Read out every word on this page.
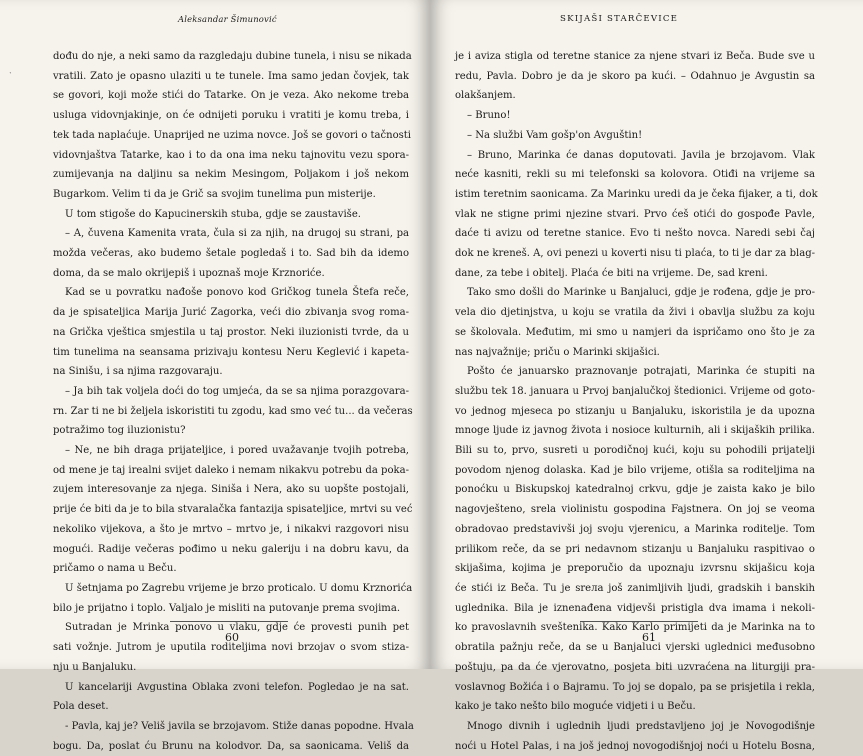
`
Aleksandar Šimunović
dođu do nje, a neki samo da razgledaju dubine tunela, i nisu se nikada
vratili. Zato je opasno ulaziti u te tunele. Ima samo jedan čovjek, tak
se govori, koji može stići do Tatarke. On je veza. Ako nekome treba
usluga vidovnjakinje, on će odnijeti poruku i vratiti je komu treba, i
tek tada naplaćuje. Unaprijed ne uzima novce. Još se govori o tačnosti
vidovnjaštva Tatarke, kao i to da ona ima neku tajnovitu vezu spora-
zumijevanja na daljinu sa nekim Mesingom, Poljakom i još nekom
Bugarkom. Velim ti da je Grič sa svojim tunelima pun misterije.
U tom stigoše do Kapucinerskih stuba, gdje se zaustaviše.
– A, čuvena Kamenita vrata, čula si za njih, na drugoj su strani, pa
možda večeras, ako budemo šetale pogledaš i to. Sad bih da idemo
doma, da se malo okrijepiš i upoznaš moje Krznoriće.
Kad se u povratku nađoše ponovo kod Gričkog tunela Štefa reče,
da je spisateljica Marija Jurić Zagorka, veći dio zbivanja svog roma-
na Grička vještica smjestila u taj prostor. Neki iluzionisti tvrde, da u
tim tunelima na seansama prizivaju kontesu Neru Keglević i kapeta-
na Sinišu, i sa njima razgovaraju.
– Ja bih tak voljela doći do tog umjeća, da se sa njima porazgovara-
rn. Zar ti ne bi željela iskoristiti tu zgodu, kad smo već tu... da večeras
potražimo tog iluzionistu?
– Ne, ne bih draga prijateljice, i pored uvažavanje tvojih potreba,
od mene je taj irealni svijet daleko i nemam nikakvu potrebu da poka-
zujem interesovanje za njega. Siniša i Nera, ako su uopšte postojali,
prije će biti da je to bila stvaralačka fantazija spisateljice, mrtvi su već
nekoliko vijekova, a što je mrtvo – mrtvo je, i nikakvi razgovori nisu
mogući. Radije večeras pođimo u neku galeriju i na dobru kavu, da
pričamo o nama u Beču.
U šetnjama po Zagrebu vrijeme je brzo proticalo. U domu Krznorića
bilo je prijatno i toplo. Valjalo je misliti na putovanje prema svojima.
Sutradan je Mrinka ponovo u vlaku, gdje će provesti punih pet
sati vožnje. Jutrom je uputila roditeljima novi brzojav o svom stiza-
nju u Banjaluku.
U kancelariji Avgustina Oblaka zvoni telefon. Pogledao je na sat.
Pola deset.
- Pavla, kaj je? Veliš javila se brzojavom. Stiže danas popodne. Hvala
bogu. Da, poslat ću Brunu na kolodvor. Da, sa saonicama. Veliš da
60
SKIJAŠI STARČEVICE
je i aviza stigla od teretne stanice za njene stvari iz Beča. Bude sve u
redu, Pavla. Dobro je da je skoro pa kući. – Odahnuo je Avgustin sa
olakšanjem.
– Bruno!
– Na službi Vam gošp'on Avguštin!
– Bruno, Marinka će danas doputovati. Javila je brzojavom. Vlak
neće kasniti, rekli su mi telefonski sa kolovora. Otiđi na vrijeme sa
istim teretnim saonicama. Za Marinku uredi da je čeka fijaker, a ti, dok
vlak ne stigne primi njezine stvari. Prvo ćeš otići do gospođe Pavle,
daće ti avizu od teretne stanice. Evo ti nešto novca. Naredi sebi čaj
dok ne kreneš. A, ovi penezi u koverti nisu ti plaća, to ti je dar za blag-
dane, za tebe i obitelj. Plaća će biti na vrijeme. De, sad kreni.
Tako smo došli do Marinke u Banjaluci, gdje je rođena, gdje je pro-
vela dio djetinjstva, u koju se vratila da živi i obavlja službu za koju
se školovala. Međutim, mi smo u namjeri da ispričamo ono što je za
nas najvažnije; priču o Marinki skijašici.
Pošto će januarsko praznovanje potrajati, Marinka će stupiti na
službu tek 18. januara u Prvoj banjalučkoj štedionici. Vrijeme od goto-
vo jednog mjeseca po stizanju u Banjaluku, iskoristila je da upozna
mnoge ljude iz javnog života i nosioce kulturnih, ali i skijaških prilika.
Bili su to, prvo, susreti u porodičnoj kući, koju su pohodili prijatelji
povodom njenog dolaska. Kad je bilo vrijeme, otišla sa roditeljima na
ponoćku u Biskupskoj katedralnoj crkvu, gdje je zaista kako je bilo
nagovješteno, srela violinistu gospodina Fajstnera. On joj se veoma
obradovao predstavivši joj svoju vjerenicu, a Marinka roditelje. Tom
prilikom reče, da se pri nedavnom stizanju u Banjaluku raspitivao o
skijašima, kojima je preporučio da upoznaju izvrsnu skijašicu koja
će stići iz Beča. Tu je sreла još zanimljivih ljudi, gradskih i banskih
uglednika. Bila je iznenađena vidjevši pristigla dva imama i nekoli-
ko pravoslavnih sveštenika. Kako Karlo primijeti da je Marinka na to
obratila pažnju reče, da se u Banjaluci vjerski uglednici međusobno
poštuju, pa da će vjerovatno, posjeta biti uzvraćena na liturgiji pra-
voslavnog Božića i o Bajramu. To joj se dopalo, pa se prisjetila i rekla,
kako je tako nešto bilo moguće vidjeti i u Beču.
Mnogo divnih i uglednih ljudi predstavljeno joj je Novogodišnje
noći u Hotel Palas, i na još jednoj novogodišnjoj noći u Hotelu Bosna,
61
